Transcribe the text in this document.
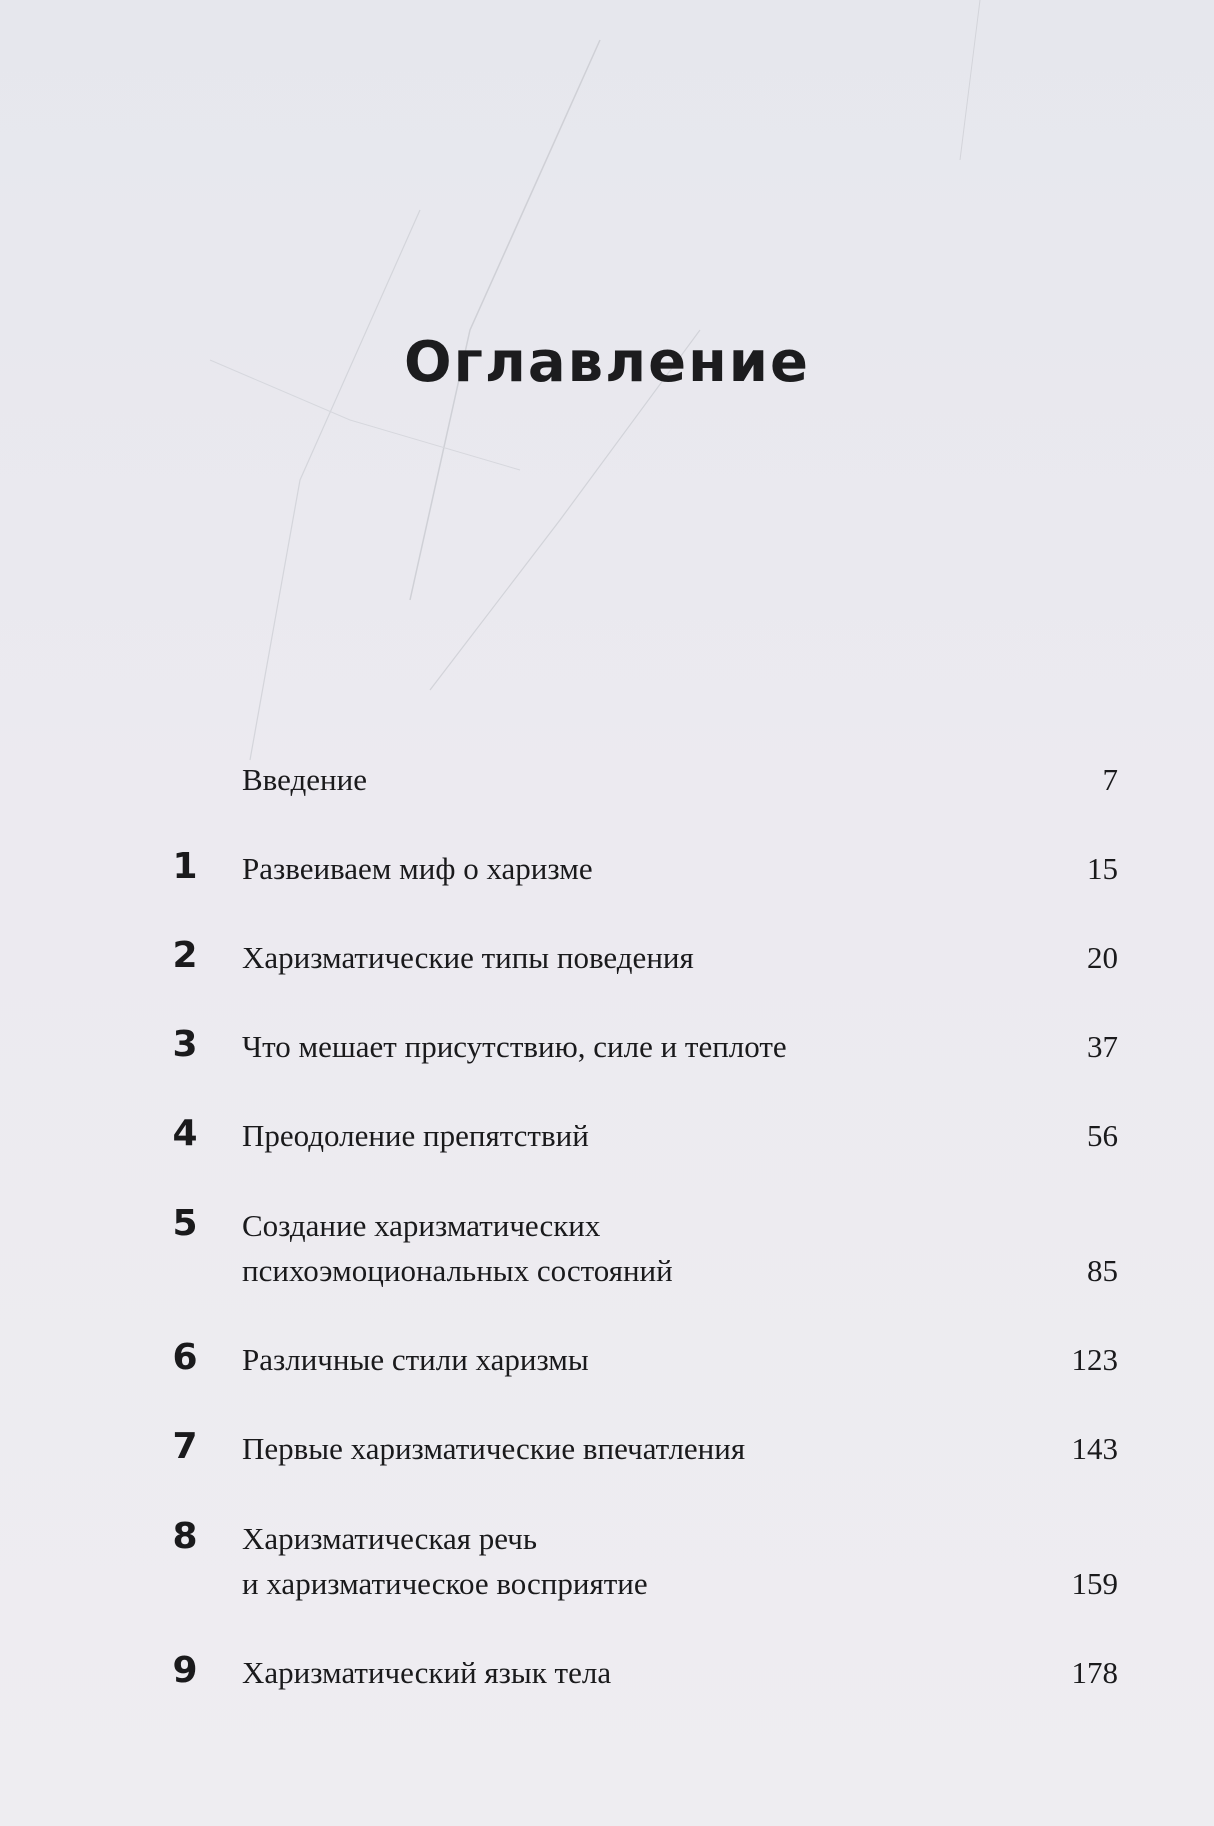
Оглавление
Введение	7
1 Развеиваем миф о харизме	15
2 Харизматические типы поведения	20
3 Что мешает присутствию, силе и теплоте	37
4 Преодоление препятствий	56
5 Создание харизматических
психоэмоциональных состояний	85
6 Различные стили харизмы	123
7 Первые харизматические впечатления	143
8 Харизматическая речь
и харизматическое восприятие	159
9 Харизматический язык тела	178
